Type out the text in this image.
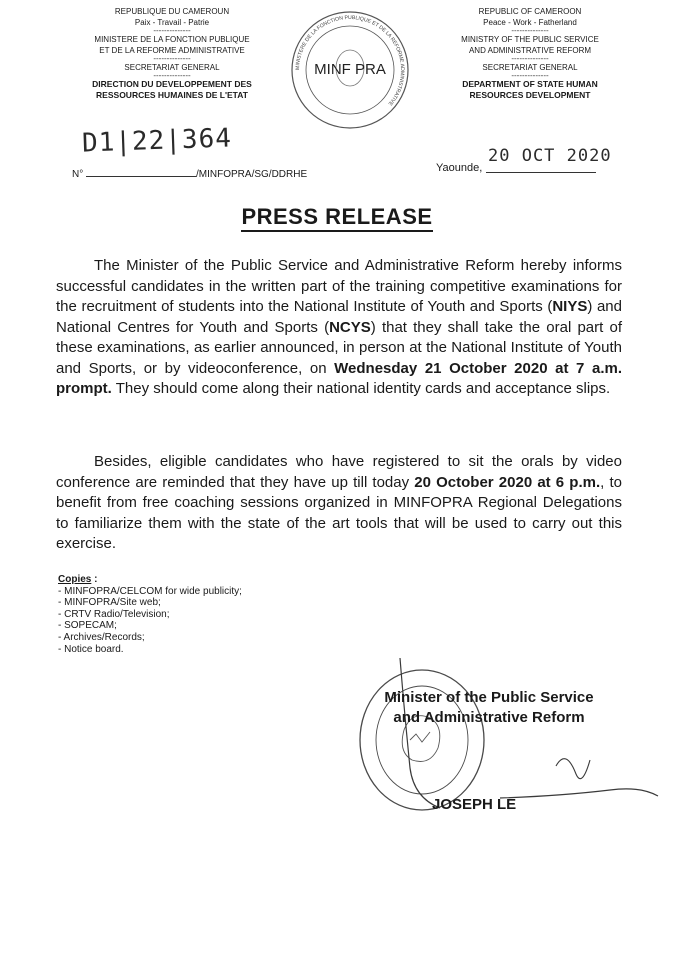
REPUBLIQUE DU CAMEROUN
Paix - Travail - Patrie
--------------
MINISTERE DE LA FONCTION PUBLIQUE
ET DE LA REFORME ADMINISTRATIVE
--------------
SECRETARIAT GENERAL
--------------
DIRECTION DU DEVELOPPEMENT DES
RESSOURCES HUMAINES DE L'ETAT
REPUBLIC OF CAMEROON
Peace - Work - Fatherland
--------------
MINISTRY OF THE PUBLIC SERVICE
AND ADMINISTRATIVE REFORM
--------------
SECRETARIAT GENERAL
--------------
DEPARTMENT OF STATE HUMAN
RESOURCES DEVELOPMENT
MINISTERE DE LA FONCTION PUBLIQUE ET DE LA REFORME ADMINISTRATIVE
MINF PRA
D1|22|364
N°	/MINFOPRA/SG/DDRHE
Yaounde,
20 OCT 2020
PRESS RELEASE
The Minister of the Public Service and Administrative Reform hereby informs successful candidates in the written part of the training competitive examinations for the recruitment of students into the National Institute of Youth and Sports (NIYS) and National Centres for Youth and Sports (NCYS) that they shall take the oral part of these examinations, as earlier announced, in person at the National Institute of Youth and Sports, or by videoconference, on Wednesday 21 October 2020 at 7 a.m. prompt. They should come along their national identity cards and acceptance slips.
Besides, eligible candidates who have registered to sit the orals by video conference are reminded that they have up till today 20 October 2020 at 6 p.m., to benefit from free coaching sessions organized in MINFOPRA Regional Delegations to familiarize them with the state of the art tools that will be used to carry out this exercise.
Copies :
- MINFOPRA/CELCOM for wide publicity;
- MINFOPRA/Site web;
- CRTV Radio/Television;
- SOPECAM;
- Archives/Records;
- Notice board.
Minister of the Public Service
and Administrative Reform
JOSEPH LE
